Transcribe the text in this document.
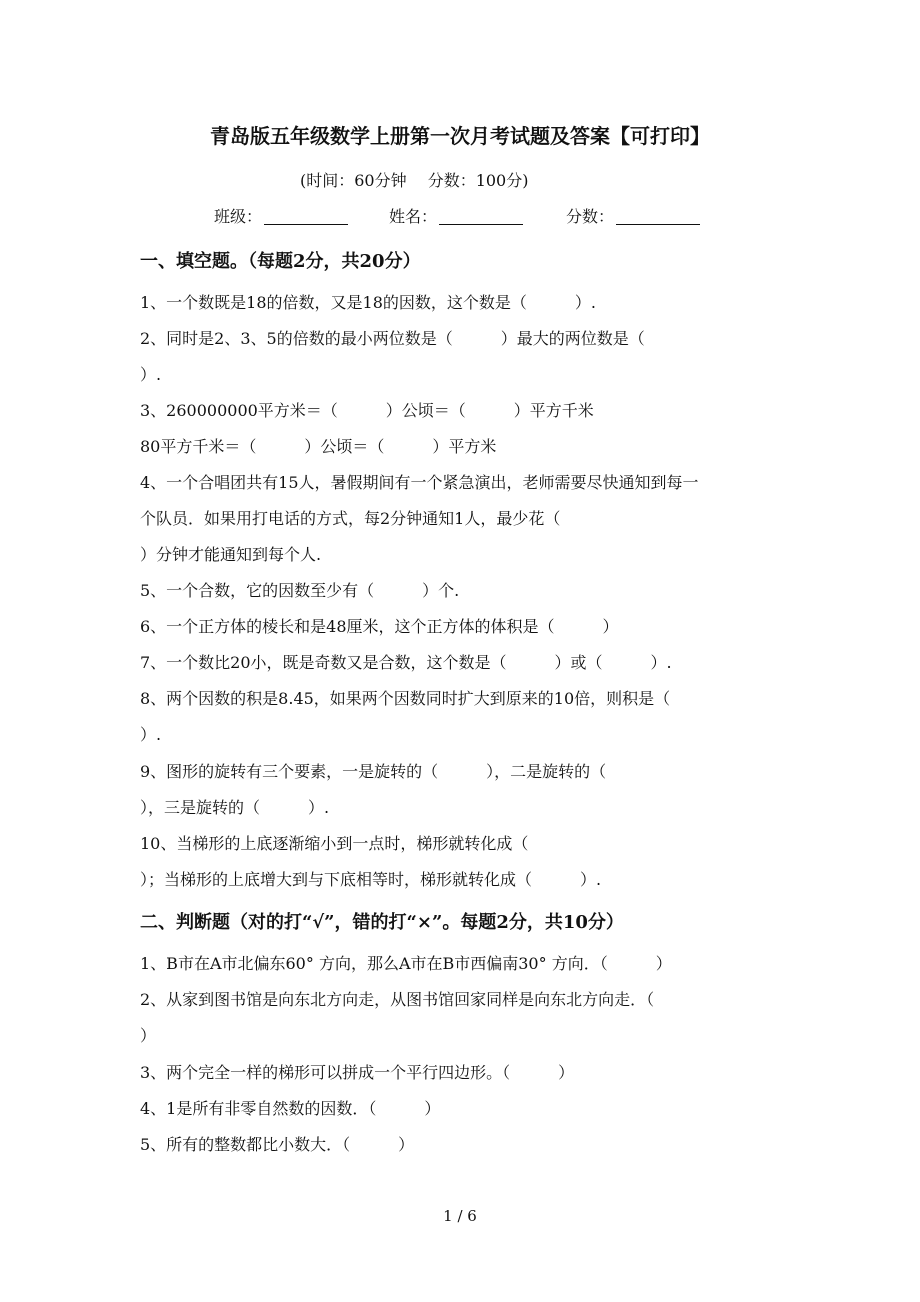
青岛版五年级数学上册第一次月考试题及答案【可打印】
(时间：60分钟　 分数：100分)
班级：	姓名：	分数：
一、填空题。（每题2分，共20分）
1、一个数既是18的倍数，又是18的因数，这个数是（　　　）.
2、同时是2、3、5的倍数的最小两位数是（　　　）最大的两位数是（
）.
3、260000000平方米＝（　　　）公顷＝（　　　）平方千米
80平方千米＝（　　　）公顷＝（　　　）平方米
4、一个合唱团共有15人，暑假期间有一个紧急演出，老师需要尽快通知到每一
个队员．如果用打电话的方式，每2分钟通知1人，最少花（
）分钟才能通知到每个人.
5、一个合数，它的因数至少有（　　　）个.
6、一个正方体的棱长和是48厘米，这个正方体的体积是（　　　）
7、一个数比20小，既是奇数又是合数，这个数是（　　　）或（　　　）.
8、两个因数的积是8.45，如果两个因数同时扩大到原来的10倍，则积是（
）.
9、图形的旋转有三个要素，一是旋转的（　　　），二是旋转的（
），三是旋转的（　　　）.
10、当梯形的上底逐渐缩小到一点时，梯形就转化成（
）；当梯形的上底增大到与下底相等时，梯形就转化成（　　　）.
二、判断题（对的打“√”，错的打“×”。每题2分，共10分）
1、B市在A市北偏东60° 方向，那么A市在B市西偏南30° 方向．（　　　）
2、从家到图书馆是向东北方向走，从图书馆回家同样是向东北方向走．（
）
3、两个完全一样的梯形可以拼成一个平行四边形。（　　　）
4、1是所有非零自然数的因数．（　　　）
5、所有的整数都比小数大．（　　　）
1 / 6
